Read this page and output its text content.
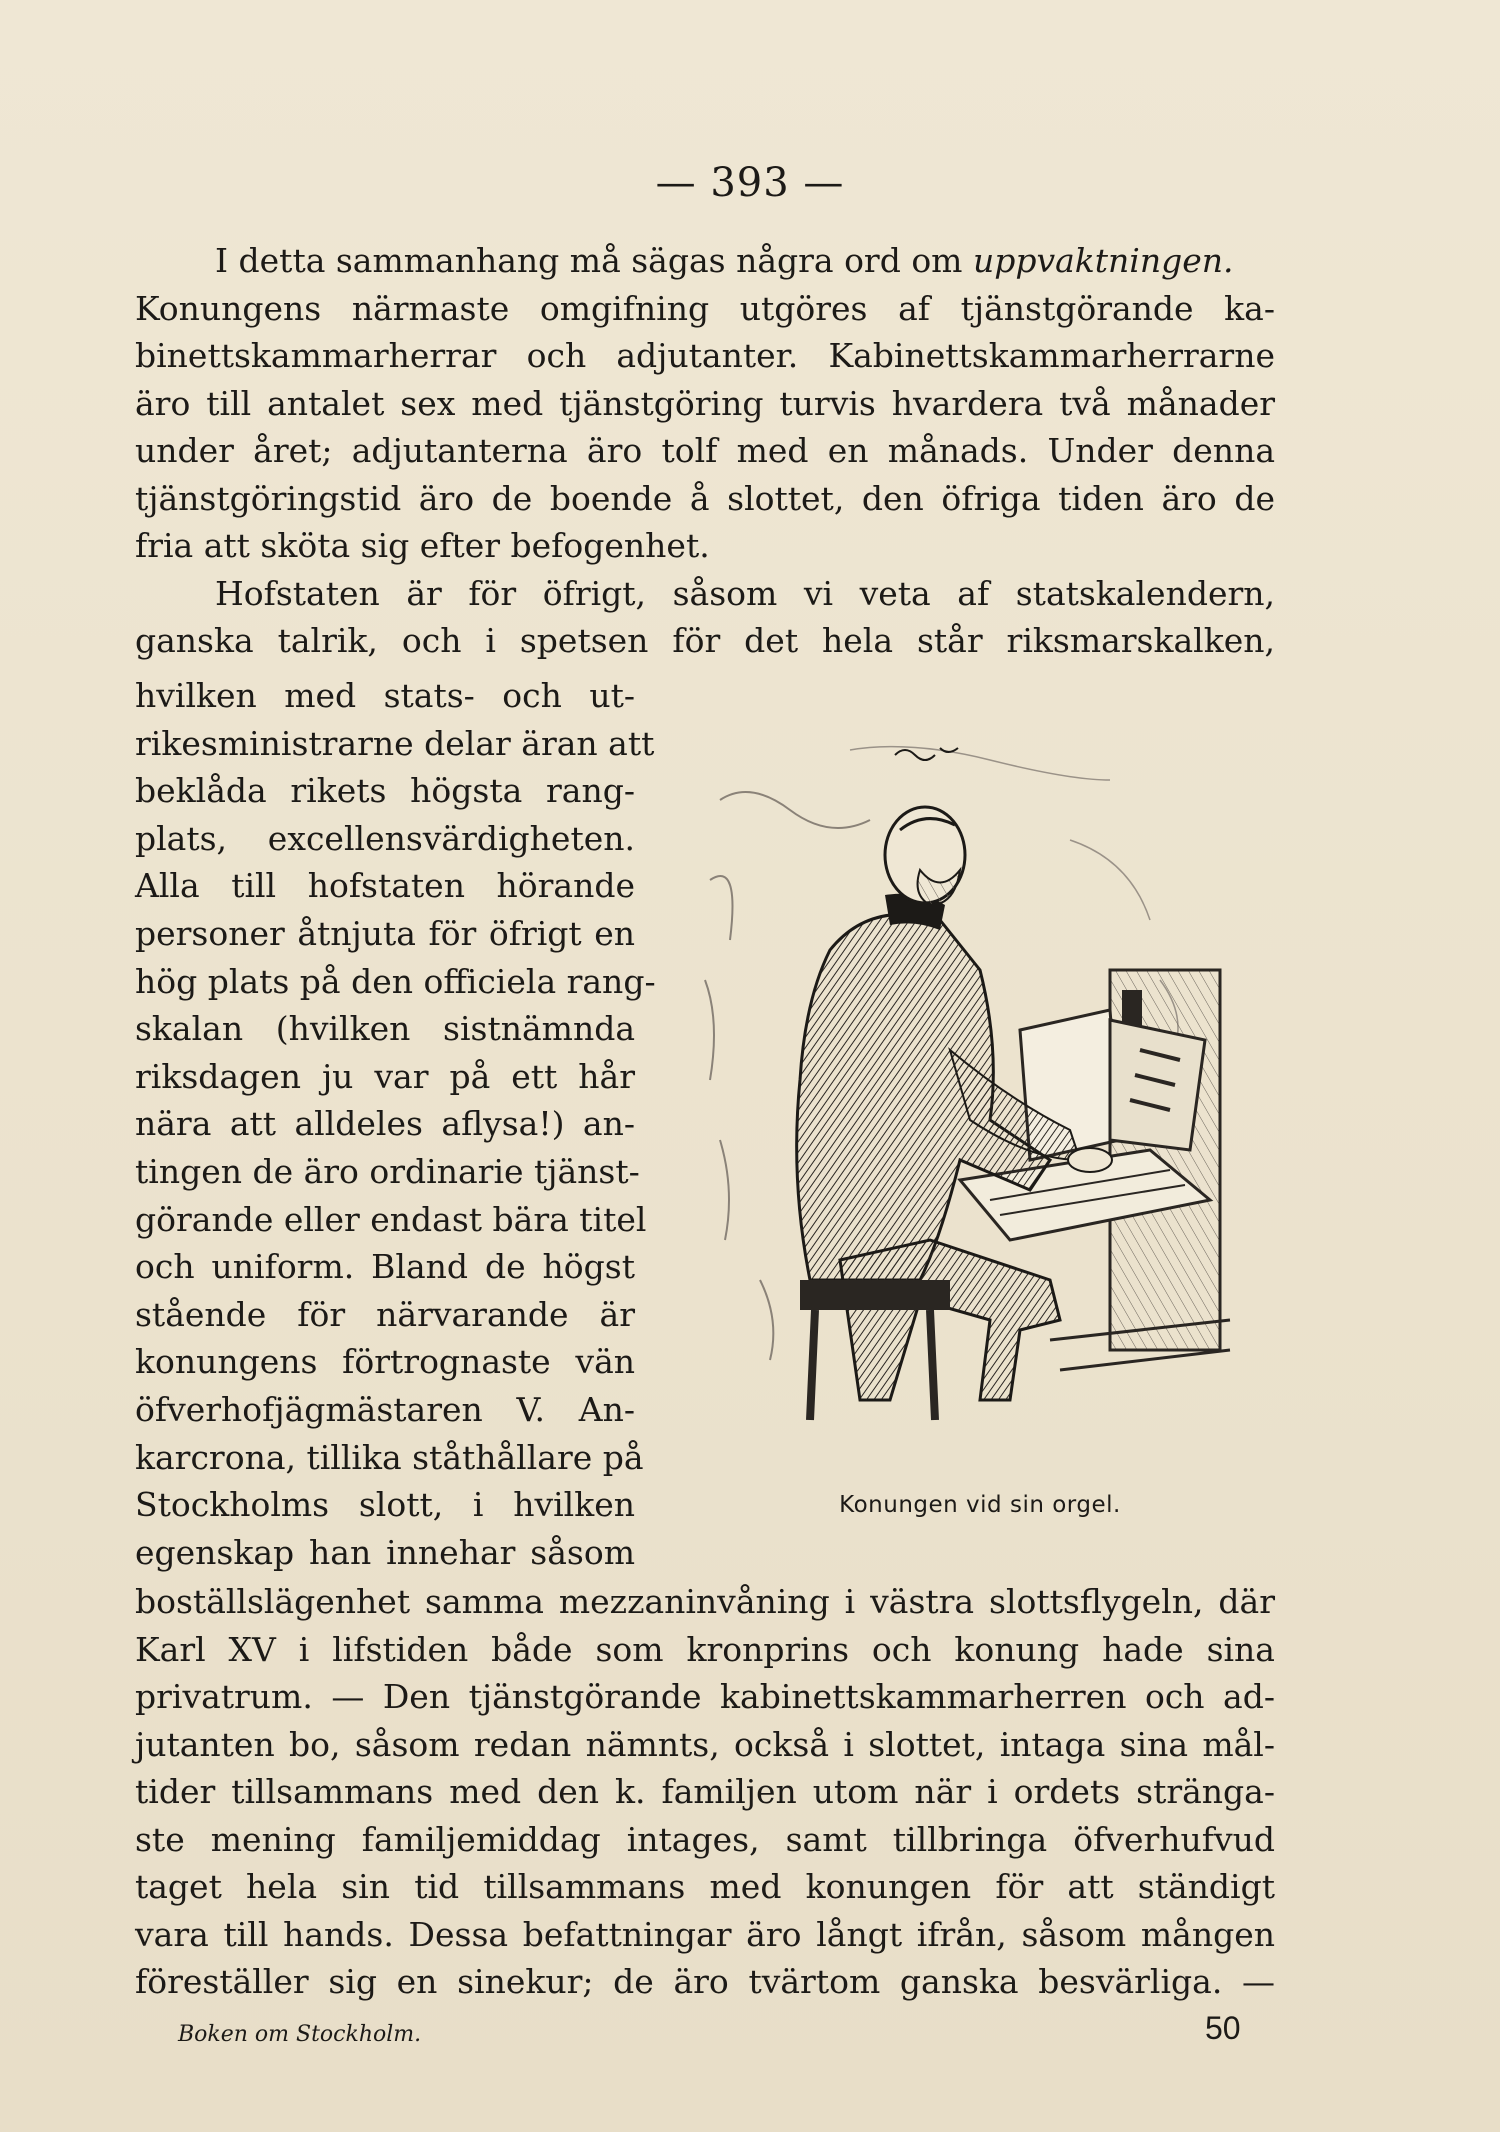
— 393 —
I detta sammanhang må sägas några ord om uppvaktningen.
Konungens närmaste omgifning utgöres af tjänstgörande ka-
binettskammarherrar och adjutanter. Kabinettskammarherrarne
äro till antalet sex med tjänstgöring turvis hvardera två månader
under året; adjutanterna äro tolf med en månads. Under denna
tjänstgöringstid äro de boende å slottet, den öfriga tiden äro de
fria att sköta sig efter befogenhet.
Hofstaten är för öfrigt, såsom vi veta af statskalendern,
ganska talrik, och i spetsen för det hela står riksmarskalken,
hvilken med stats- och ut-
rikesministrarne delar äran att
beklåda rikets högsta rang-
plats, excellensvärdigheten.
Alla till hofstaten hörande
personer åtnjuta för öfrigt en
hög plats på den officiela rang-
skalan (hvilken sistnämnda
riksdagen ju var på ett hår
nära att alldeles aflysa!) an-
tingen de äro ordinarie tjänst-
görande eller endast bära titel
och uniform. Bland de högst
stående för närvarande är
konungens förtrognaste vän
öfverhofjägmästaren V. An-
karcrona, tillika ståthållare på
Stockholms slott, i hvilken
egenskap han innehar såsom
Konungen vid sin orgel.
boställslägenhet samma mezzaninvåning i västra slottsflygeln, där
Karl XV i lifstiden både som kronprins och konung hade sina
privatrum. — Den tjänstgörande kabinettskammarherren och ad-
jutanten bo, såsom redan nämnts, också i slottet, intaga sina mål-
tider tillsammans med den k. familjen utom när i ordets stränga-
ste mening familjemiddag intages, samt tillbringa öfverhufvud
taget hela sin tid tillsammans med konungen för att ständigt
vara till hands. Dessa befattningar äro långt ifrån, såsom mången
föreställer sig en sinekur; de äro tvärtom ganska besvärliga. —
Boken om Stockholm.	50
